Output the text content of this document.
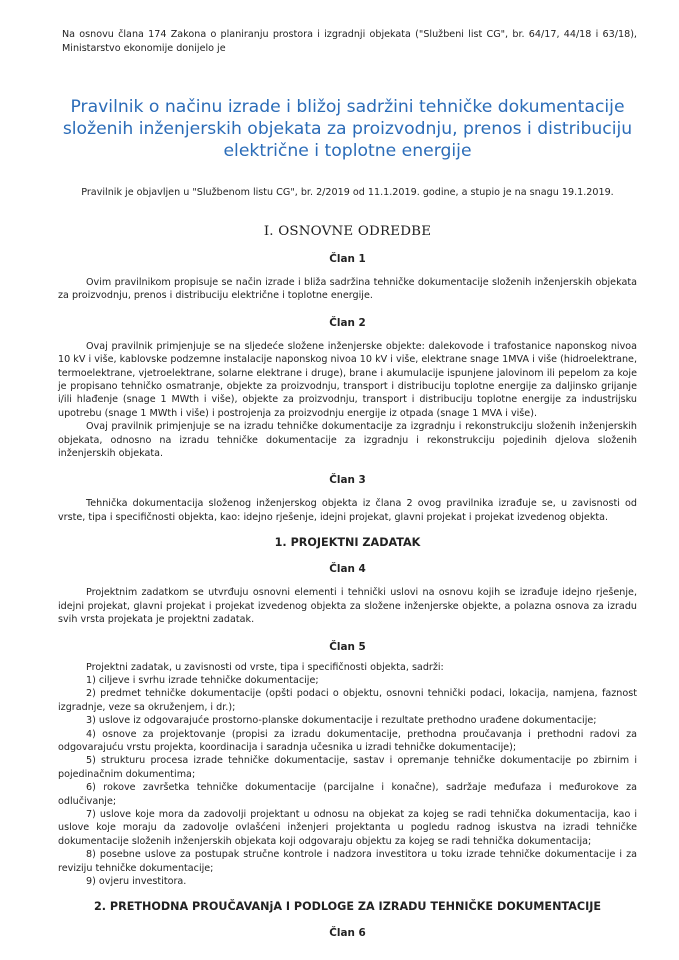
Na osnovu člana 174 Zakona o planiranju prostora i izgradnji objekata ("Službeni list CG", br. 64/17, 44/18 i 63/18), Ministarstvo ekonomije donijelo je

Pravilnik o načinu izrade i bližoj sadržini tehničke dokumentacije složenih inženjerskih objekata za proizvodnju, prenos i distribuciju električne i toplotne energije

Pravilnik je objavljen u "Službenom listu CG", br. 2/2019 od 11.1.2019. godine, a stupio je na snagu 19.1.2019.

I. OSNOVNE ODREDBE
Član 1

Ovim pravilnikom propisuje se način izrade i bliža sadržina tehničke dokumentacije složenih inženjerskih objekata za proizvodnju, prenos i distribuciju električne i toplotne energije.

Član 2

Ovaj pravilnik primjenjuje se na sljedeće složene inženjerske objekte: dalekovode i trafostanice naponskog nivoa 10 kV i više, kablovske podzemne instalacije naponskog nivoa 10 kV i više, elektrane snage 1MVA i više (hidroelektrane, termoelektrane, vjetroelektrane, solarne elektrane i druge), brane i akumulacije ispunjene jalovinom ili pepelom za koje je propisano tehničko osmatranje, objekte za proizvodnju, transport i distribuciju toplotne energije za daljinsko grijanje i/ili hlađenje (snage 1 MWth i više), objekte za proizvodnju, transport i distribuciju toplotne energije za industrijsku upotrebu (snage 1 MWth i više) i postrojenja za proizvodnju energije iz otpada (snage 1 MVA i više).

Ovaj pravilnik primjenjuje se na izradu tehničke dokumentacije za izgradnju i rekonstrukciju složenih inženjerskih objekata, odnosno na izradu tehničke dokumentacije za izgradnju i rekonstrukciju pojedinih djelova složenih inženjerskih objekata.

Član 3

Tehnička dokumentacija složenog inženjerskog objekta iz člana 2 ovog pravilnika izrađuje se, u zavisnosti od vrste, tipa i specifičnosti objekta, kao: idejno rješenje, idejni projekat, glavni projekat i projekat izvedenog objekta.

1. PROJEKTNI ZADATAK
Član 4

Projektnim zadatkom se utvrđuju osnovni elementi i tehnički uslovi na osnovu kojih se izrađuje idejno rješenje, idejni projekat, glavni projekat i projekat izvedenog objekta za složene inženjerske objekte, a polazna osnova za izradu svih vrsta projekata je projektni zadatak.

Član 5
Projektni zadatak, u zavisnosti od vrste, tipa i specifičnosti objekta, sadrži:
1) ciljeve i svrhu izrade tehničke dokumentacije;
2) predmet tehničke dokumentacije (opšti podaci o objektu, osnovni tehnički podaci, lokacija, namjena, faznost izgradnje, veze sa okruženjem, i dr.);
3) uslove iz odgovarajuće prostorno-planske dokumentacije i rezultate prethodno urađene dokumentacije;
4) osnove za projektovanje (propisi za izradu dokumentacije, prethodna proučavanja i prethodni radovi za odgovarajuću vrstu projekta, koordinacija i saradnja učesnika u izradi tehničke dokumentacije);
5) strukturu procesa izrade tehničke dokumentacije, sastav i opremanje tehničke dokumentacije po zbirnim i pojedinačnim dokumentima;
6) rokove završetka tehničke dokumentacije (parcijalne i konačne), sadržaje međufaza i međurokove za odlučivanje;
7) uslove koje mora da zadovolji projektant u odnosu na objekat za kojeg se radi tehnička dokumentacija, kao i uslove koje moraju da zadovolje ovlašćeni inženjeri projektanta u pogledu radnog iskustva na izradi tehničke dokumentacije složenih inženjerskih objekata koji odgovaraju objektu za kojeg se radi tehnička dokumentacija;
8) posebne uslove za postupak stručne kontrole i nadzora investitora u toku izrade tehničke dokumentacije i za reviziju tehničke dokumentacije;
9) ovjeru investitora.
2. PRETHODNA PROUČAVANjA I PODLOGE ZA IZRADU TEHNIČKE DOKUMENTACIJE
Član 6
